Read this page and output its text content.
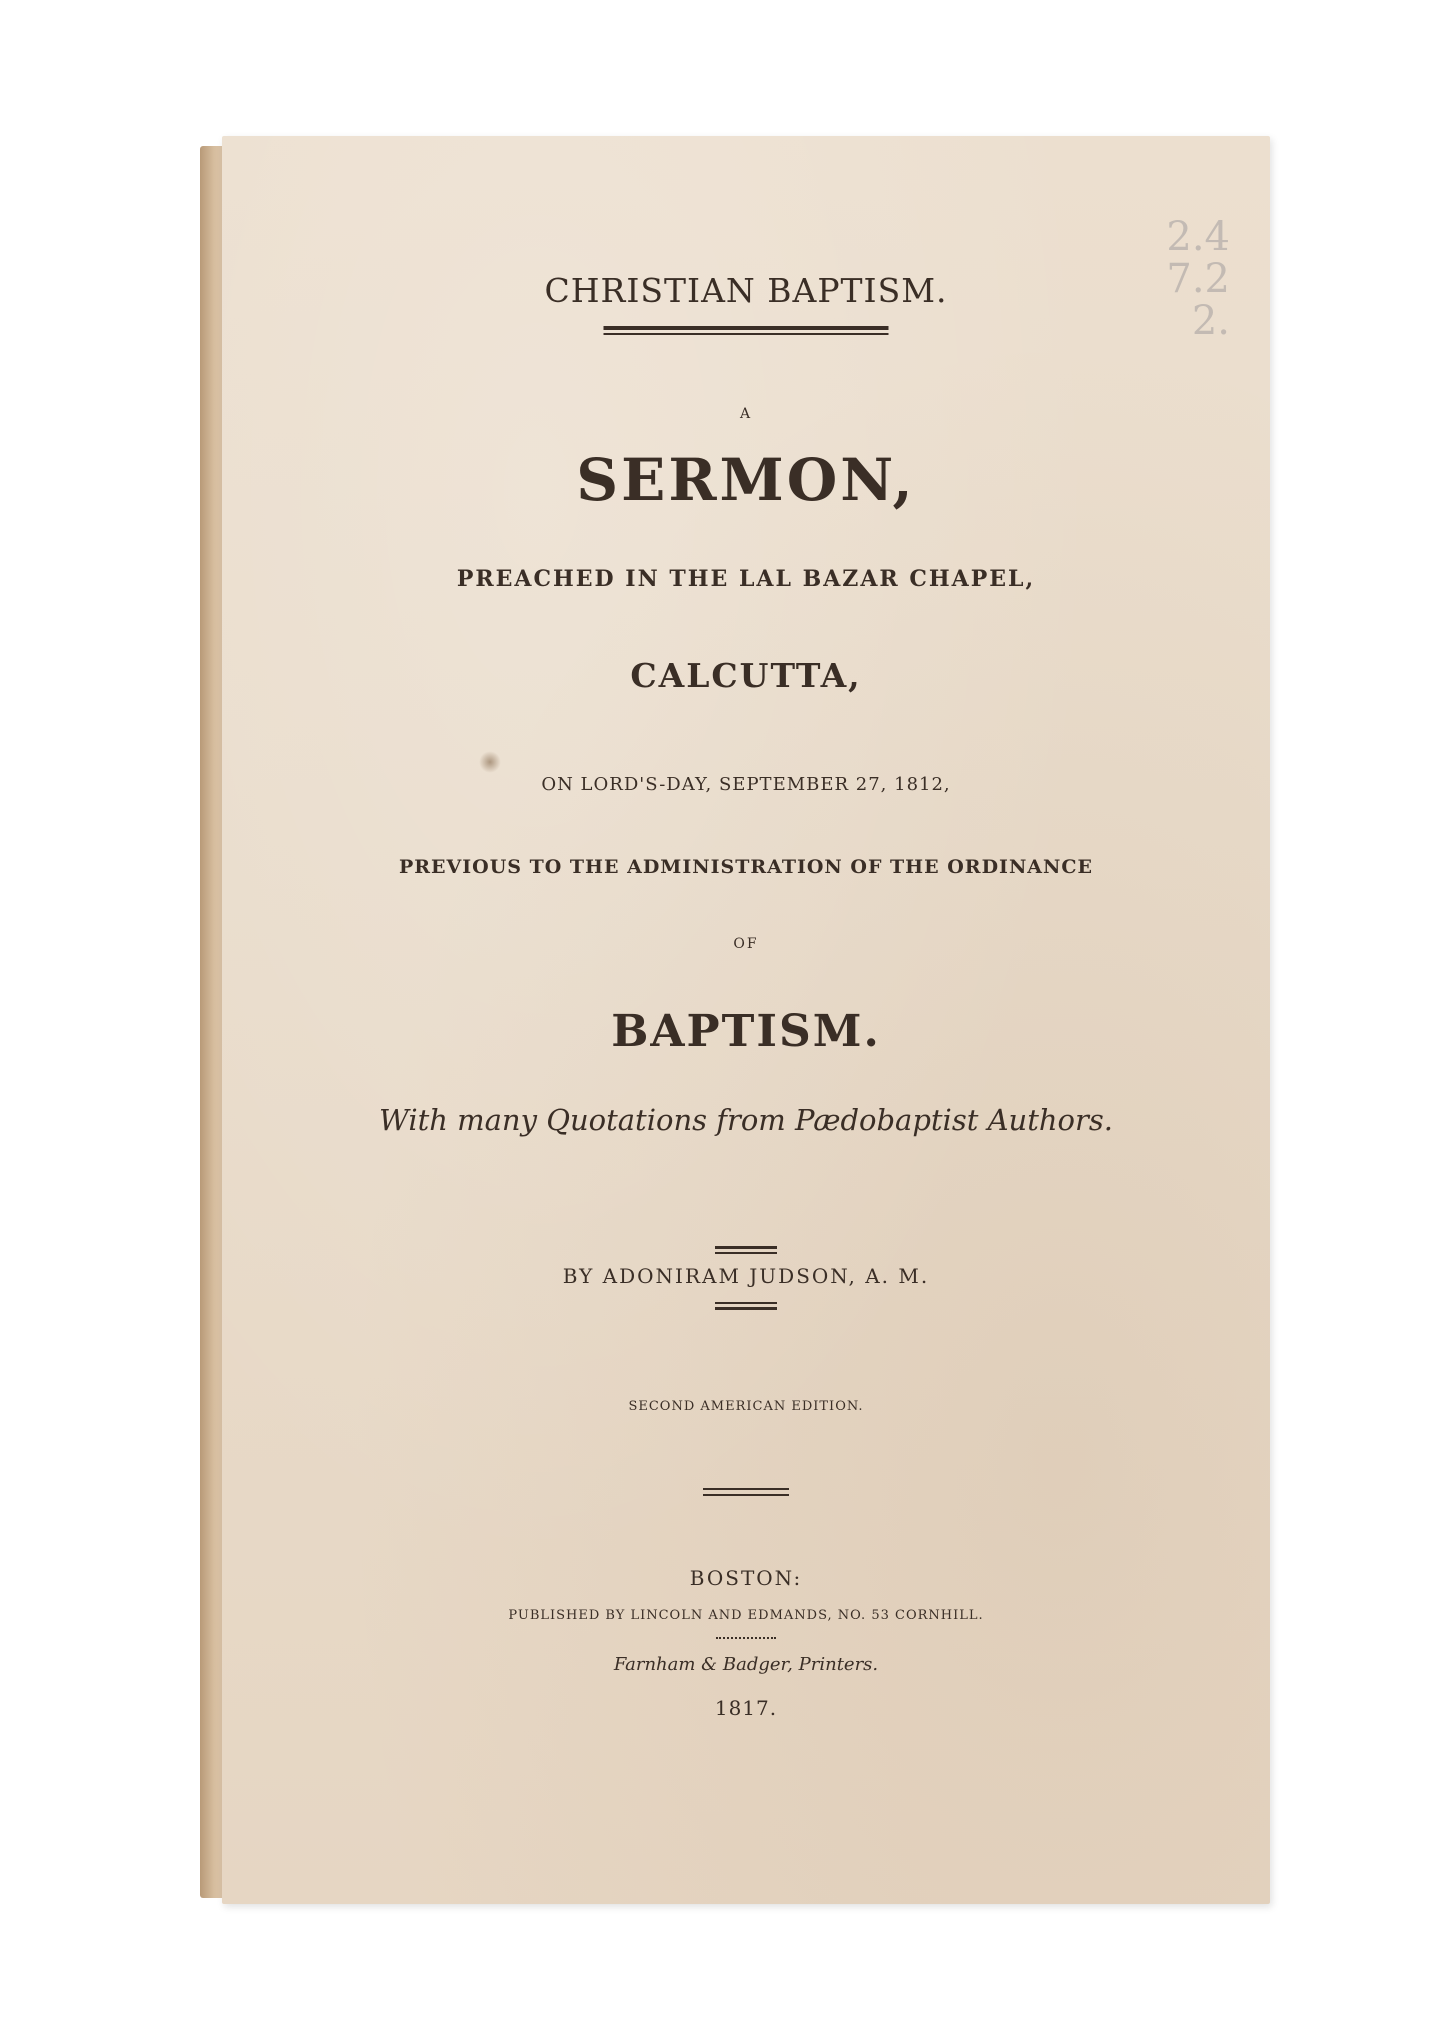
2.4
7.2
2.
CHRISTIAN BAPTISM.
A
SERMON,
PREACHED IN THE LAL BAZAR CHAPEL,
CALCUTTA,
ON LORD'S-DAY, SEPTEMBER 27, 1812,
PREVIOUS TO THE ADMINISTRATION OF THE ORDINANCE
OF
BAPTISM.
With many Quotations from Pædobaptist Authors.
BY ADONIRAM JUDSON, A. M.
SECOND AMERICAN EDITION.
BOSTON:
PUBLISHED BY LINCOLN AND EDMANDS, NO. 53 CORNHILL.
Farnham & Badger, Printers.
1817.
